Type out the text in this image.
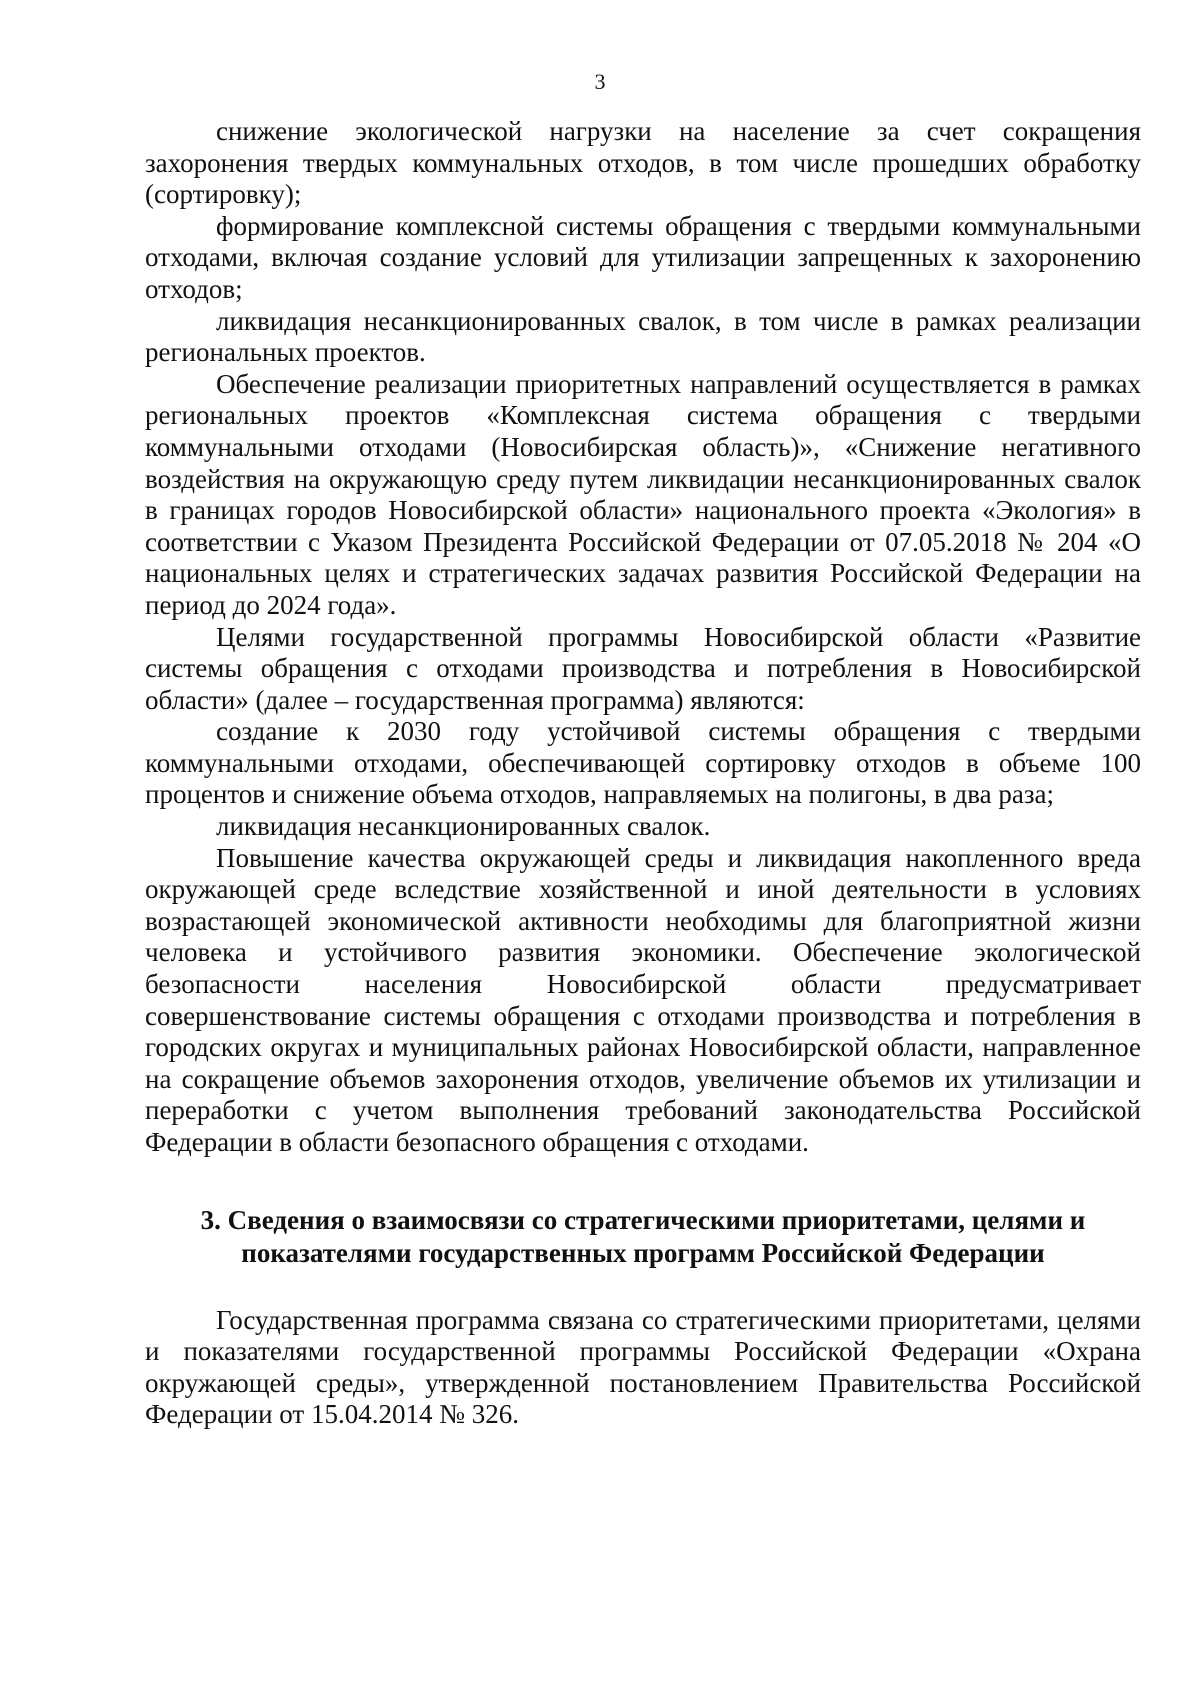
3

снижение экологической нагрузки на население за счет сокращения захоронения твердых коммунальных отходов, в том числе прошедших обработку (сортировку);

формирование комплексной системы обращения с твердыми коммунальными отходами, включая создание условий для утилизации запрещенных к захоронению отходов;

ликвидация несанкционированных свалок, в том числе в рамках реализации региональных проектов.

Обеспечение реализации приоритетных направлений осуществляется в рамках региональных проектов «Комплексная система обращения с твердыми коммунальными отходами (Новосибирская область)», «Снижение негативного воздействия на окружающую среду путем ликвидации несанкционированных свалок в границах городов Новосибирской области» национального проекта «Экология» в соответствии с Указом Президента Российской Федерации от 07.05.2018 № 204 «О национальных целях и стратегических задачах развития Российской Федерации на период до 2024 года».

Целями государственной программы Новосибирской области «Развитие системы обращения с отходами производства и потребления в Новосибирской области» (далее – государственная программа) являются:

создание к 2030 году устойчивой системы обращения с твердыми коммунальными отходами, обеспечивающей сортировку отходов в объеме 100 процентов и снижение объема отходов, направляемых на полигоны, в два раза;

ликвидация несанкционированных свалок.

Повышение качества окружающей среды и ликвидация накопленного вреда окружающей среде вследствие хозяйственной и иной деятельности в условиях возрастающей экономической активности необходимы для благоприятной жизни человека и устойчивого развития экономики. Обеспечение экологической безопасности населения Новосибирской области предусматривает совершенствование системы обращения с отходами производства и потребления в городских округах и муниципальных районах Новосибирской области, направленное на сокращение объемов захоронения отходов, увеличение объемов их утилизации и переработки с учетом выполнения требований законодательства Российской Федерации в области безопасного обращения с отходами.

3. Сведения о взаимосвязи со стратегическими приоритетами, целями и
показателями государственных программ Российской Федерации

Государственная программа связана со стратегическими приоритетами, целями и показателями государственной программы Российской Федерации «Охрана окружающей среды», утвержденной постановлением Правительства Российской Федерации от 15.04.2014 № 326.
